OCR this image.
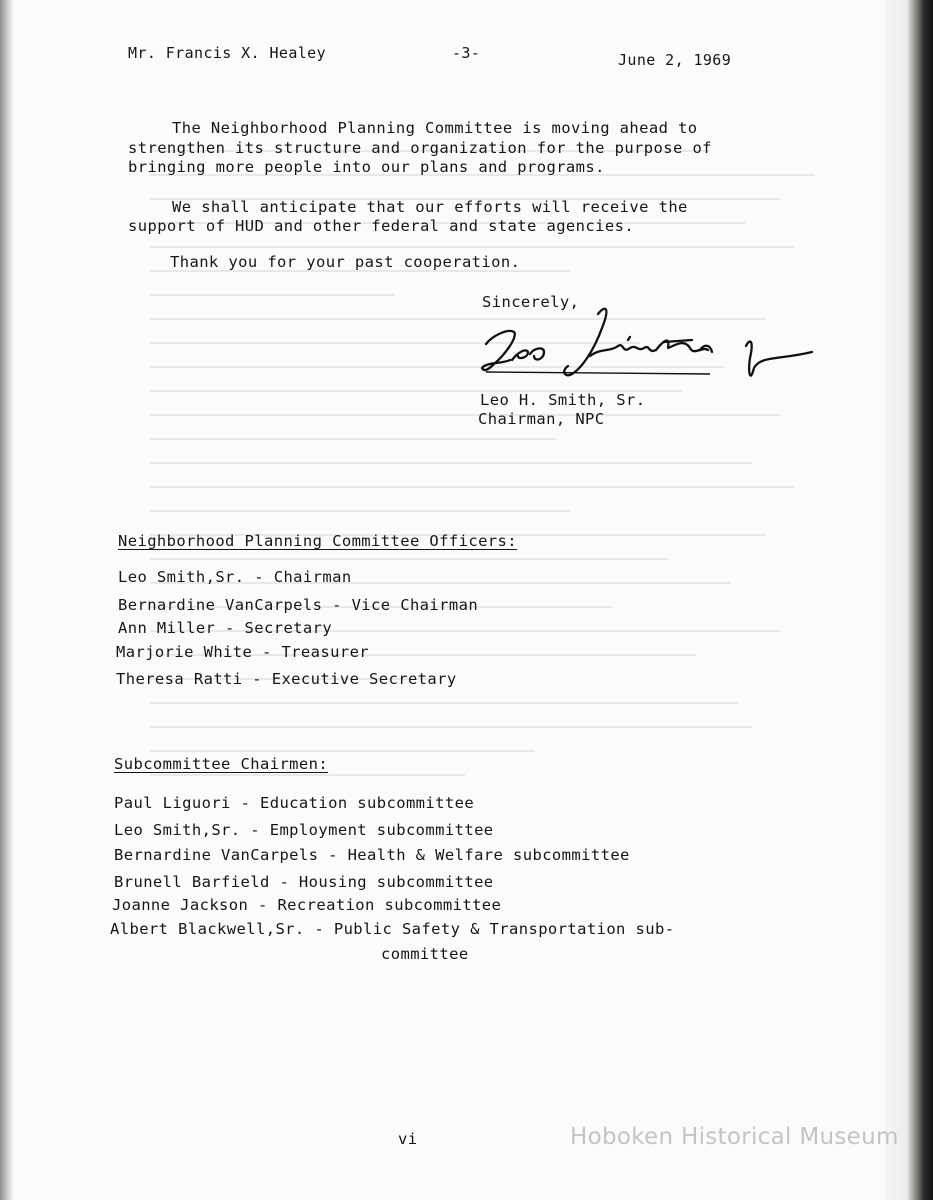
Mr. Francis X. Healey	-3-	June 2, 1969
The Neighborhood Planning Committee is moving ahead to
strengthen its structure and organization for the purpose of
bringing more people into our plans and programs.
We shall anticipate that our efforts will receive the
support of HUD and other federal and state agencies.
Thank you for your past cooperation.
Sincerely,
Leo H. Smith, Sr.
Chairman, NPC
Neighborhood Planning Committee Officers:
Leo Smith,Sr. - Chairman
Bernardine VanCarpels - Vice Chairman
Ann Miller - Secretary
Marjorie White - Treasurer
Theresa Ratti - Executive Secretary
Subcommittee Chairmen:
Paul Liguori - Education subcommittee
Leo Smith,Sr. - Employment subcommittee
Bernardine VanCarpels - Health & Welfare subcommittee
Brunell Barfield - Housing subcommittee
Joanne Jackson - Recreation subcommittee
Albert Blackwell,Sr. - Public Safety & Transportation sub-
committee
vi	Hoboken Historical Museum
